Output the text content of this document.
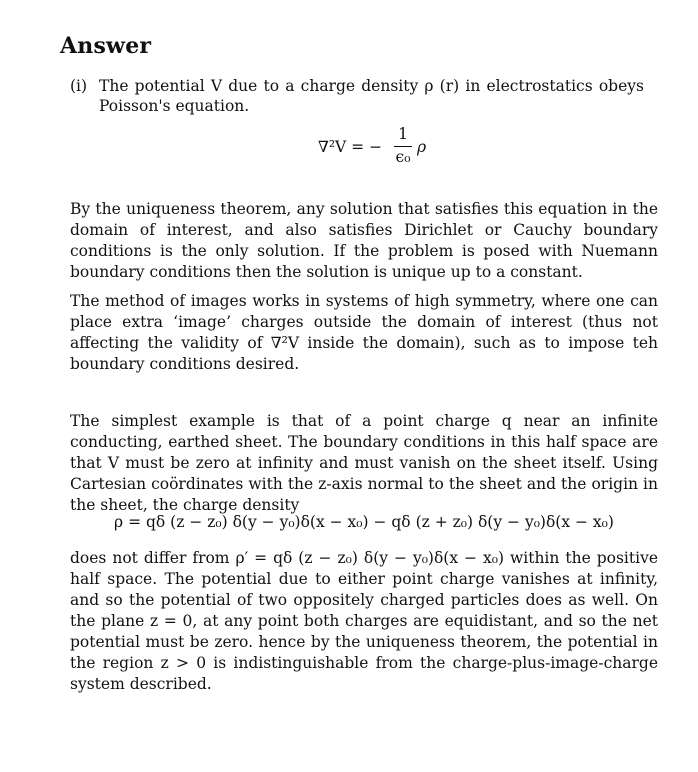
Answer
(i) The potential V due to a charge density ρ (r) in electrostatics obeys Poisson's equation.
∇²V = −
1
ϵ₀
ρ

By the uniqueness theorem, any solution that satisfies this equation in the domain of interest, and also satisfies Dirichlet or Cauchy boundary conditions is the only solution. If the problem is posed with Nuemann boundary conditions then the solution is unique up to a constant.

The method of images works in systems of high symmetry, where one can place extra ‘image’ charges outside the domain of interest (thus not affecting the validity of ∇²V inside the domain), such as to impose teh boundary conditions desired.

The simplest example is that of a point charge q near an infinite conducting, earthed sheet. The boundary conditions in this half space are that V must be zero at infinity and must vanish on the sheet itself. Using Cartesian coördinates with the z-axis normal to the sheet and the origin in the sheet, the charge density

ρ = qδ (z − z₀) δ(y − y₀)δ(x − x₀) − qδ (z + z₀) δ(y − y₀)δ(x − x₀)

does not differ from ρ′ = qδ (z − z₀) δ(y − y₀)δ(x − x₀) within the positive half space. The potential due to either point charge vanishes at infinity, and so the potential of two oppositely charged particles does as well. On the plane z = 0, at any point both charges are equidistant, and so the net potential must be zero. hence by the uniqueness theorem, the potential in the region z > 0 is indistinguishable from the charge-plus-image-charge system described.
